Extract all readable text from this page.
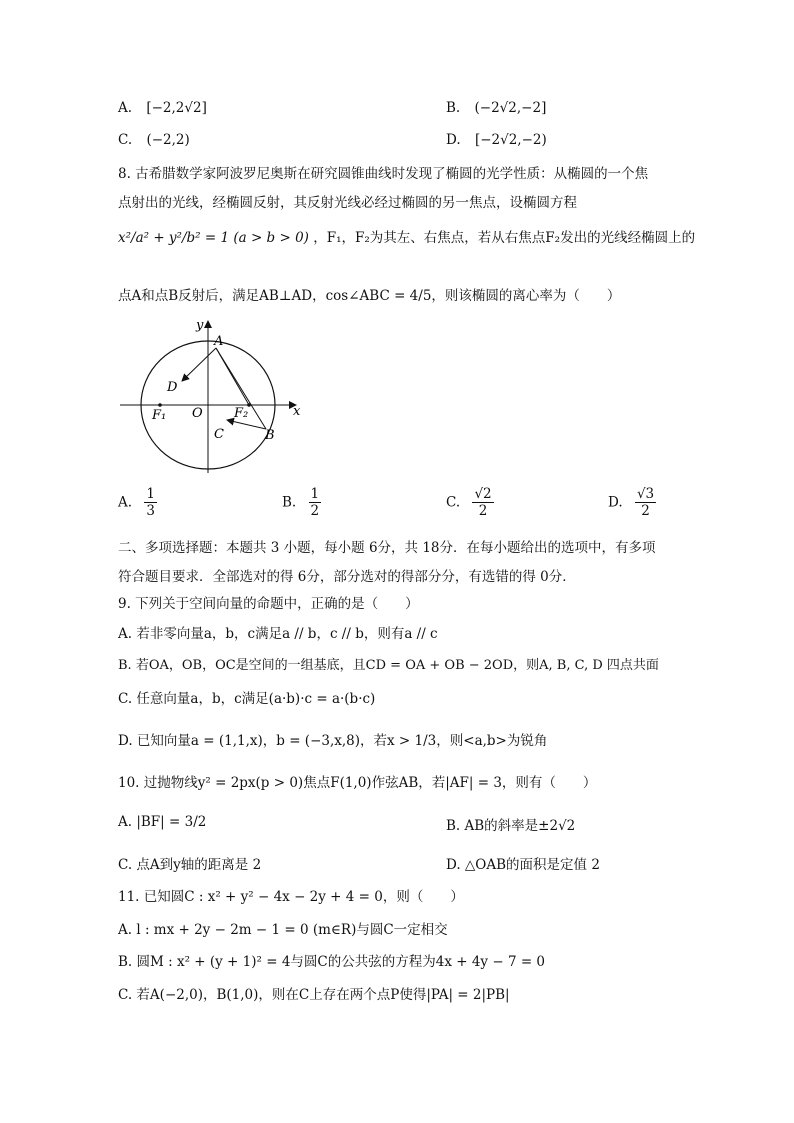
A. [−2,2√2]	B. (−2√2,−2]
C. (−2,2)	D. [−2√2,−2)
8. 古希腊数学家阿波罗尼奥斯在研究圆锥曲线时发现了椭圆的光学性质：从椭圆的一个焦
点射出的光线，经椭圆反射，其反射光线必经过椭圆的另一焦点，设椭圆方程
x²/a² + y²/b² = 1 (a > b > 0) ，F₁，F₂为其左、右焦点，若从右焦点F₂发出的光线经椭圆上的
点A和点B反射后，满足AB⊥AD，cos∠ABC = 4/5，则该椭圆的离心率为（　　）
y
x
A
D
O
F₁	F₂
C	B
A. $\frac{1}{3}$	B. $\frac{1}{2}$	C. $\frac{√2}{2}$	D. $\frac{√3}{2}$
二、多项选择题：本题共 3 小题，每小题 6分，共 18分．在每小题给出的选项中，有多项
符合题目要求．全部选对的得 6分，部分选对的得部分分，有选错的得 0分．
9. 下列关于空间向量的命题中，正确的是（　　）
A. 若非零向量a，b，c满足a // b，c // b，则有a // c
B. 若OA，OB，OC是空间的一组基底，且CD = OA + OB − 2OD，则A, B, C, D 四点共面
C. 任意向量a，b，c满足(a·b)·c = a·(b·c)
D. 已知向量a = (1,1,x)，b = (−3,x,8)，若x > 1/3，则<a,b>为锐角
10. 过抛物线y² = 2px(p > 0)焦点F(1,0)作弦AB，若|AF| = 3，则有（　　）
A. |BF| = 3/2	B. AB的斜率是±2√2
C. 点A到y轴的距离是 2	D. △OAB的面积是定值 2
11. 已知圆C : x² + y² − 4x − 2y + 4 = 0，则（　　）
A. l : mx + 2y − 2m − 1 = 0 (m∈R)与圆C一定相交
B. 圆M : x² + (y + 1)² = 4与圆C的公共弦的方程为4x + 4y − 7 = 0
C. 若A(−2,0)，B(1,0)，则在C上存在两个点P使得|PA| = 2|PB|
